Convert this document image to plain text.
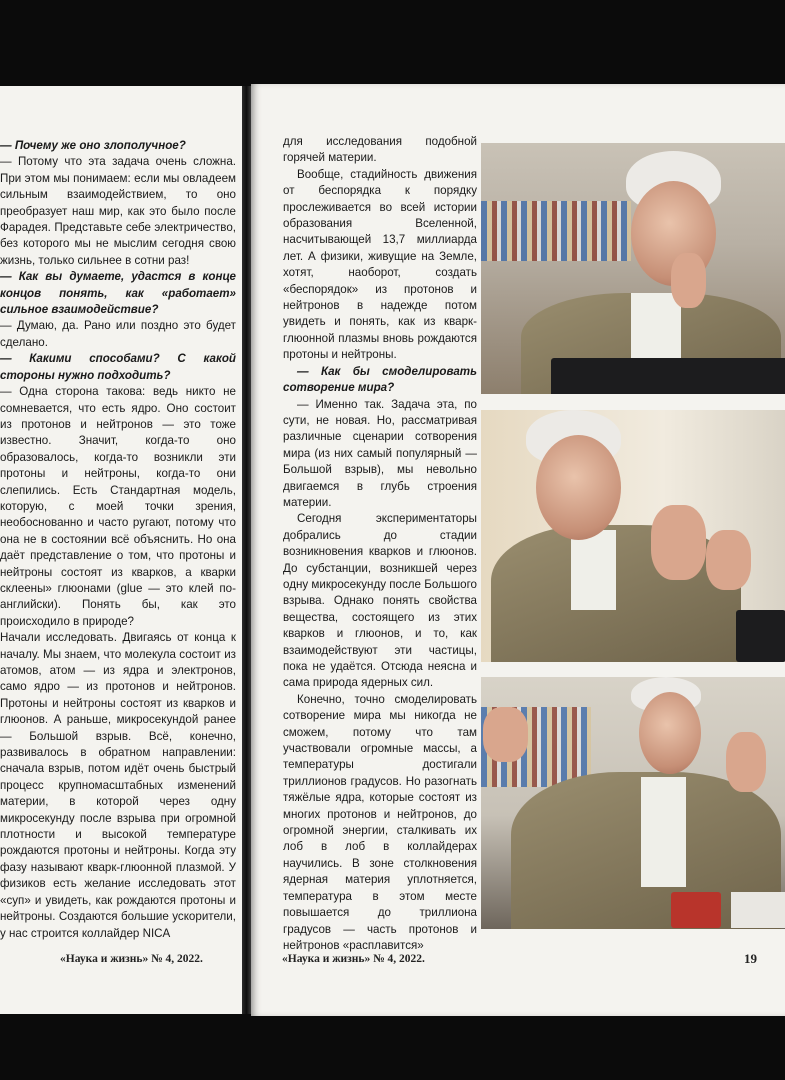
— Почему же оно злополучное?

— Потому что эта задача очень сложна. При этом мы понимаем: если мы овладеем сильным взаимодействием, то оно преобразует наш мир, как это было после Фарадея. Представьте себе электричество, без которого мы не мыслим сегодня свою жизнь, только сильнее в сотни раз!

— Как вы думаете, удастся в конце концов понять, как «работает» сильное взаимодействие?

— Думаю, да. Рано или поздно это будет сделано.

— Какими способами? С какой стороны нужно подходить?

— Одна сторона такова: ведь никто не сомневается, что есть ядро. Оно состоит из протонов и нейтронов — это тоже известно. Значит, когда-то оно образовалось, когда-то возникли эти протоны и нейтроны, когда-то они слепились. Есть Стандартная модель, которую, с моей точки зрения, необоснованно и часто ругают, потому что она не в состоянии всё объяснить. Но она даёт представление о том, что протоны и нейтроны состоят из кварков, а кварки склеены» глюонами (glue — это клей по-английски). Понять бы, как это происходило в природе?

Начали исследовать. Двигаясь от конца к началу. Мы знаем, что молекула состоит из атомов, атом — из ядра и электронов, само ядро — из протонов и нейтронов. Протоны и нейтроны состоят из кварков и глюонов. А раньше, микросекундой ранее — Большой взрыв. Всё, конечно, развивалось в обратном направлении: сначала взрыв, потом идёт очень быстрый процесс крупномасштабных изменений материи, в которой через одну микросекунду после взрыва при огромной плотности и высокой температуре рождаются протоны и нейтроны. Когда эту фазу называют кварк-глюонной плазмой. У физиков есть желание исследовать этот «суп» и увидеть, как рождаются протоны и нейтроны. Создаются большие ускорители, у нас строится коллайдер NICA

для исследования подобной горячей материи.

Вообще, стадийность движения от беспорядка к порядку прослеживается во всей истории образования Вселенной, насчитывающей 13,7 миллиарда лет. А физики, живущие на Земле, хотят, наоборот, создать «беспорядок» из протонов и нейтронов в надежде потом увидеть и понять, как из кварк-глюонной плазмы вновь рождаются протоны и нейтроны.

— Как бы смоделировать сотворение мира?

— Именно так. Задача эта, по сути, не новая. Но, рассматривая различные сценарии сотворения мира (из них самый популярный — Большой взрыв), мы невольно двигаемся в глубь строения материи.

Сегодня экспериментаторы добрались до стадии возникновения кварков и глюонов. До субстанции, возникшей через одну микросекунду после Большого взрыва. Однако понять свойства вещества, состоящего из этих кварков и глюонов, и то, как взаимодействуют эти частицы, пока не удаётся. Отсюда неясна и сама природа ядерных сил.

Конечно, точно смоделировать сотворение мира мы никогда не сможем, потому что там участвовали огромные массы, а температуры достигали триллионов градусов. Но разогнать тяжёлые ядра, которые состоят из многих протонов и нейтронов, до огромной энергии, сталкивать их лоб в лоб в коллайдерах научились. В зоне столкновения ядерная материя уплотняется, температура в этом месте повышается до триллиона градусов — часть протонов и нейтронов «расплавится»

«Наука и жизнь» № 4, 2022.	«Наука и жизнь» № 4, 2022.	19
